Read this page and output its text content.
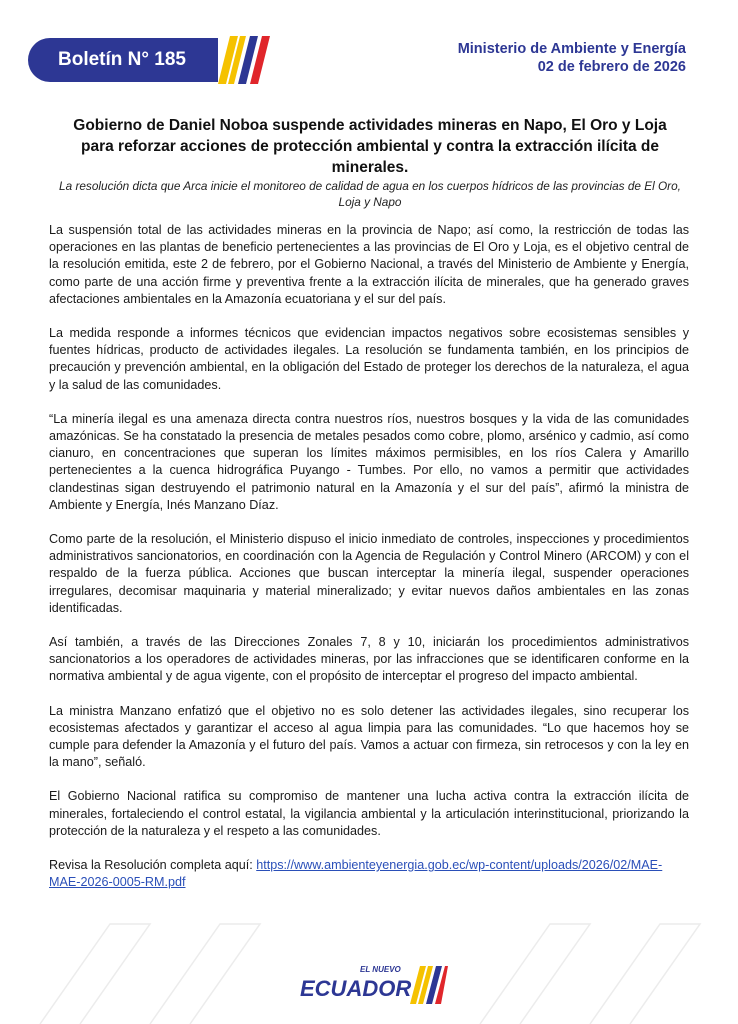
Boletín N° 185	Ministerio de Ambiente y Energía
02 de febrero de 2026
Gobierno de Daniel Noboa suspende actividades mineras en Napo, El Oro y Loja para reforzar acciones de protección ambiental y contra la extracción ilícita de minerales.
La resolución dicta que Arca inicie el monitoreo de calidad de agua en los cuerpos hídricos de las provincias de El Oro, Loja y Napo

La suspensión total de las actividades mineras en la provincia de Napo; así como, la restricción de todas las operaciones en las plantas de beneficio pertenecientes a las provincias de El Oro y Loja, es el objetivo central de la resolución emitida, este 2 de febrero, por el Gobierno Nacional, a través del Ministerio de Ambiente y Energía, como parte de una acción firme y preventiva frente a la extracción ilícita de minerales, que ha generado graves afectaciones ambientales en la Amazonía ecuatoriana y el sur del país.

La medida responde a informes técnicos que evidencian impactos negativos sobre ecosistemas sensibles y fuentes hídricas, producto de actividades ilegales. La resolución se fundamenta también, en los principios de precaución y prevención ambiental, en la obligación del Estado de proteger los derechos de la naturaleza, el agua y la salud de las comunidades.

“La minería ilegal es una amenaza directa contra nuestros ríos, nuestros bosques y la vida de las comunidades amazónicas. Se ha constatado la presencia de metales pesados como cobre, plomo, arsénico y cadmio, así como cianuro, en concentraciones que superan los límites máximos permisibles, en los ríos Calera y Amarillo pertenecientes a la cuenca hidrográfica Puyango - Tumbes. Por ello, no vamos a permitir que actividades clandestinas sigan destruyendo el patrimonio natural en la Amazonía y el sur del país”, afirmó la ministra de Ambiente y Energía, Inés Manzano Díaz.

Como parte de la resolución, el Ministerio dispuso el inicio inmediato de controles, inspecciones y procedimientos administrativos sancionatorios, en coordinación con la Agencia de Regulación y Control Minero (ARCOM) y con el respaldo de la fuerza pública. Acciones que buscan interceptar la minería ilegal, suspender operaciones irregulares, decomisar maquinaria y material mineralizado; y evitar nuevos daños ambientales en las zonas identificadas.

Así también, a través de las Direcciones Zonales 7, 8 y 10, iniciarán los procedimientos administrativos sancionatorios a los operadores de actividades mineras, por las infracciones que se identificaren conforme en la normativa ambiental y de agua vigente, con el propósito de interceptar el progreso del impacto ambiental.

La ministra Manzano enfatizó que el objetivo no es solo detener las actividades ilegales, sino recuperar los ecosistemas afectados y garantizar el acceso al agua limpia para las comunidades. “Lo que hacemos hoy se cumple para defender la Amazonía y el futuro del país. Vamos a actuar con firmeza, sin retrocesos y con la ley en la mano”, señaló.

El Gobierno Nacional ratifica su compromiso de mantener una lucha activa contra la extracción ilícita de minerales, fortaleciendo el control estatal, la vigilancia ambiental y la articulación interinstitucional, priorizando la protección de la naturaleza y el respeto a las comunidades.

Revisa la Resolución completa aquí: https://www.ambienteyenergia.gob.ec/wp-content/uploads/2026/02/MAE-MAE-2026-0005-RM.pdf

EL NUEVO
ECUADOR
